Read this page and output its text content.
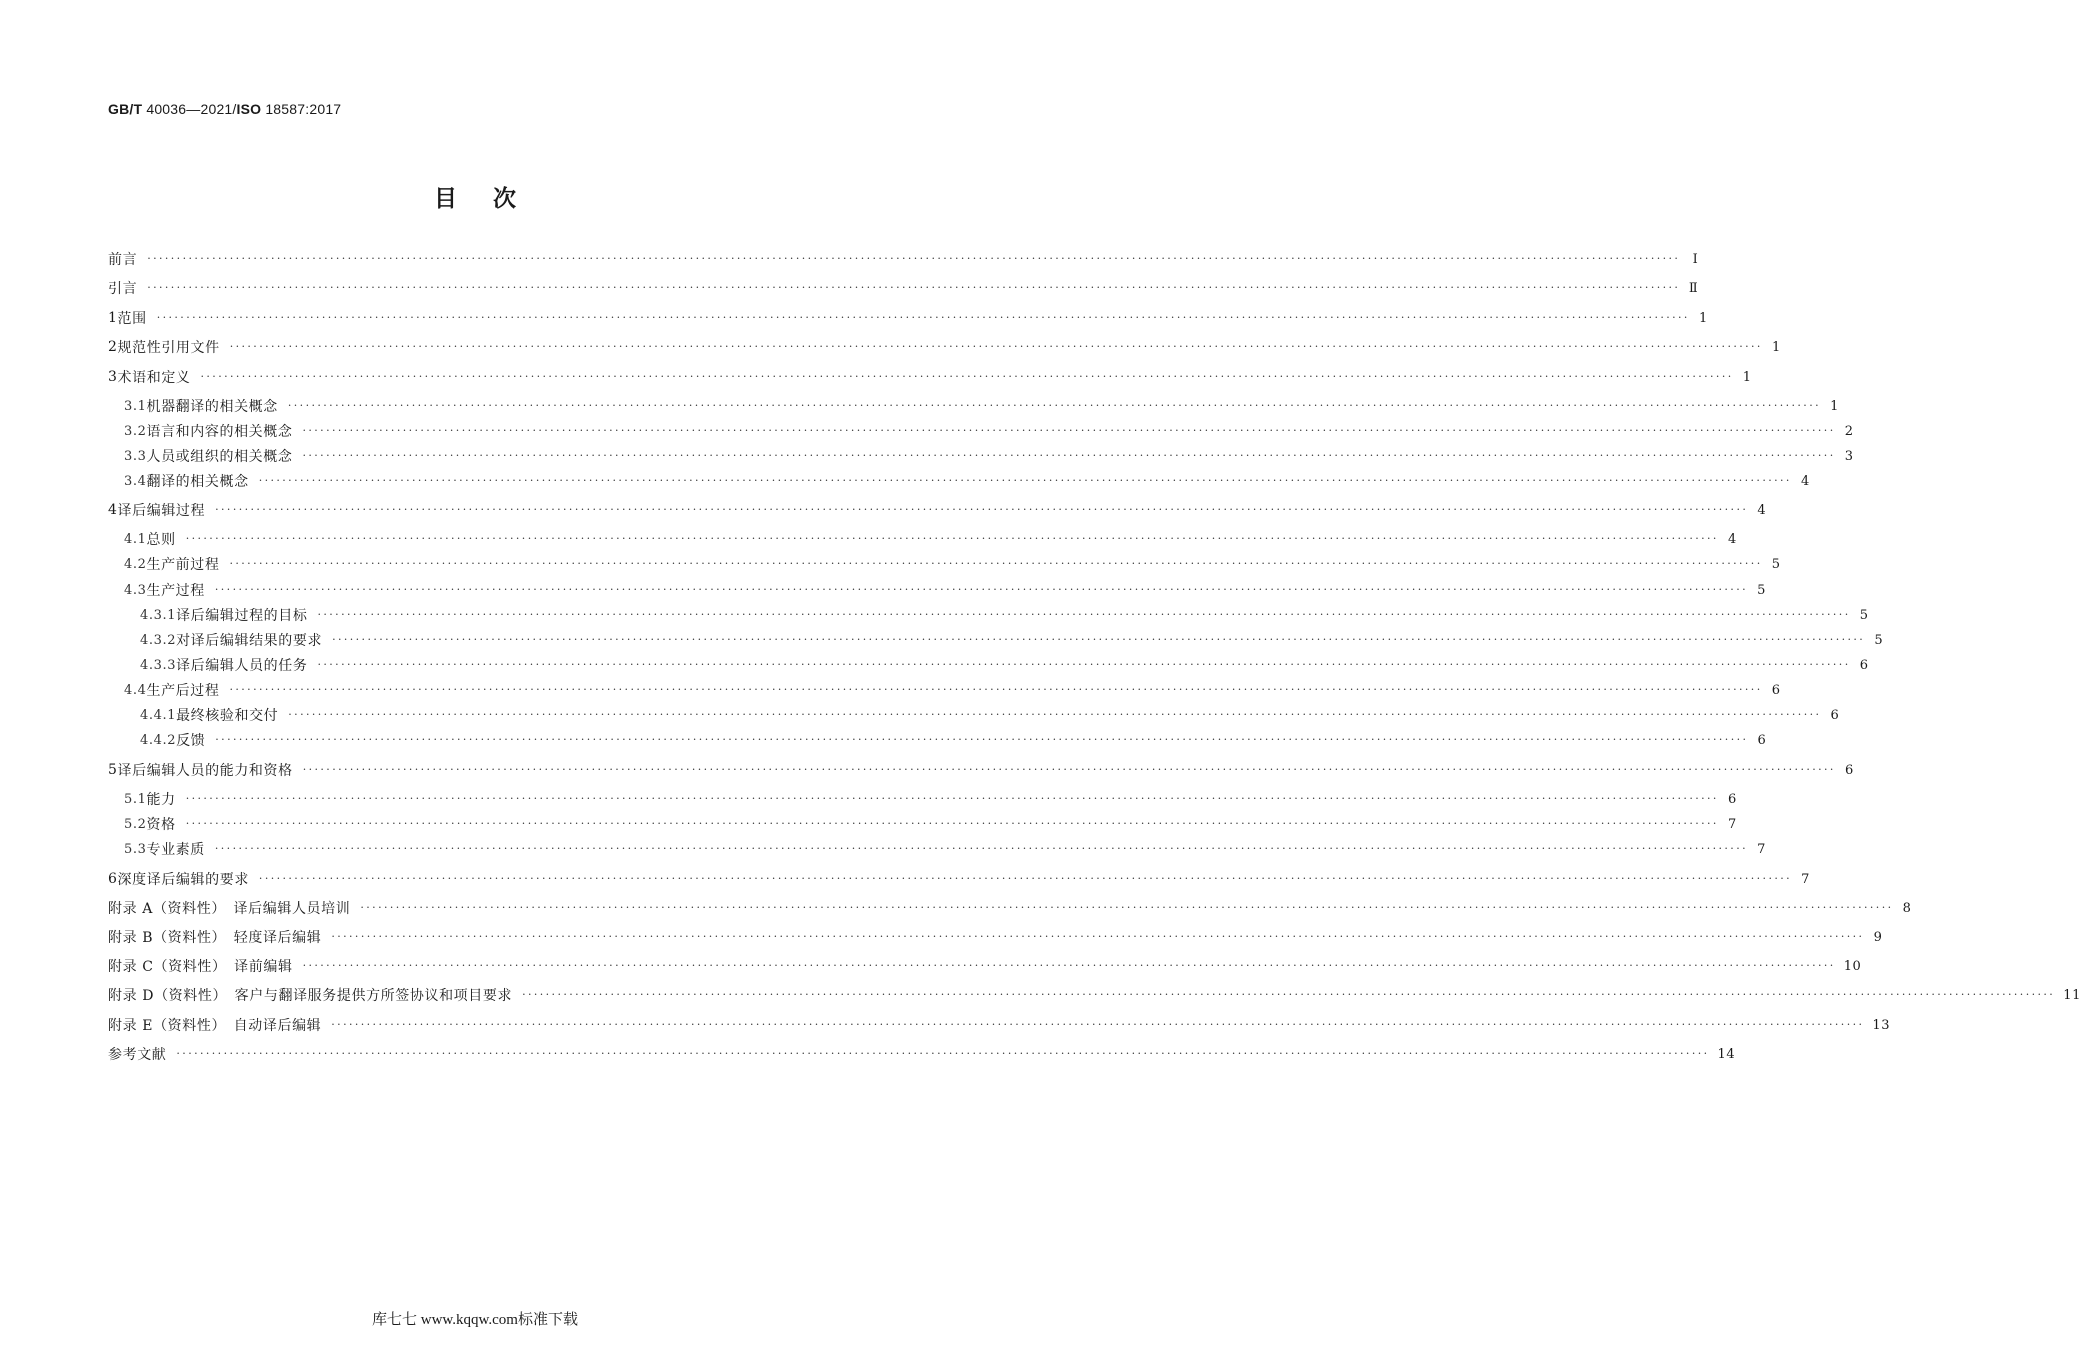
GB/T 40036—2021/ISO 18587:2017
目次
前言 ···································································································································································································································································· Ⅰ
引言 ···································································································································································································································································· Ⅱ
1 范围 ···································································································································································································································································· 1
2 规范性引用文件 ···································································································································································································································································· 1
3 术语和定义 ···································································································································································································································································· 1
3.1 机器翻译的相关概念 ···································································································································································································································································· 1
3.2 语言和内容的相关概念 ···································································································································································································································································· 2
3.3 人员或组织的相关概念 ···································································································································································································································································· 3
3.4 翻译的相关概念 ···································································································································································································································································· 4
4 译后编辑过程 ···································································································································································································································································· 4
4.1 总则 ···································································································································································································································································· 4
4.2 生产前过程 ···································································································································································································································································· 5
4.3 生产过程 ···································································································································································································································································· 5
4.3.1 译后编辑过程的目标 ···································································································································································································································································· 5
4.3.2 对译后编辑结果的要求 ···································································································································································································································································· 5
4.3.3 译后编辑人员的任务 ···································································································································································································································································· 6
4.4 生产后过程 ···································································································································································································································································· 6
4.4.1 最终核验和交付 ···································································································································································································································································· 6
4.4.2 反馈 ···································································································································································································································································· 6
5 译后编辑人员的能力和资格 ···································································································································································································································································· 6
5.1 能力 ···································································································································································································································································· 6
5.2 资格 ···································································································································································································································································· 7
5.3 专业素质 ···································································································································································································································································· 7
6 深度译后编辑的要求 ···································································································································································································································································· 7
附录 A（资料性）　译后编辑人员培训 ···································································································································································································································································· 8
附录 B（资料性）　轻度译后编辑 ···································································································································································································································································· 9
附录 C（资料性）　译前编辑 ···································································································································································································································································· 10
附录 D（资料性）　客户与翻译服务提供方所签协议和项目要求 ···································································································································································································································································· 11
附录 E（资料性）　自动译后编辑 ···································································································································································································································································· 13
参考文献 ···································································································································································································································································· 14
库七七 www.kqqw.com标准下载
